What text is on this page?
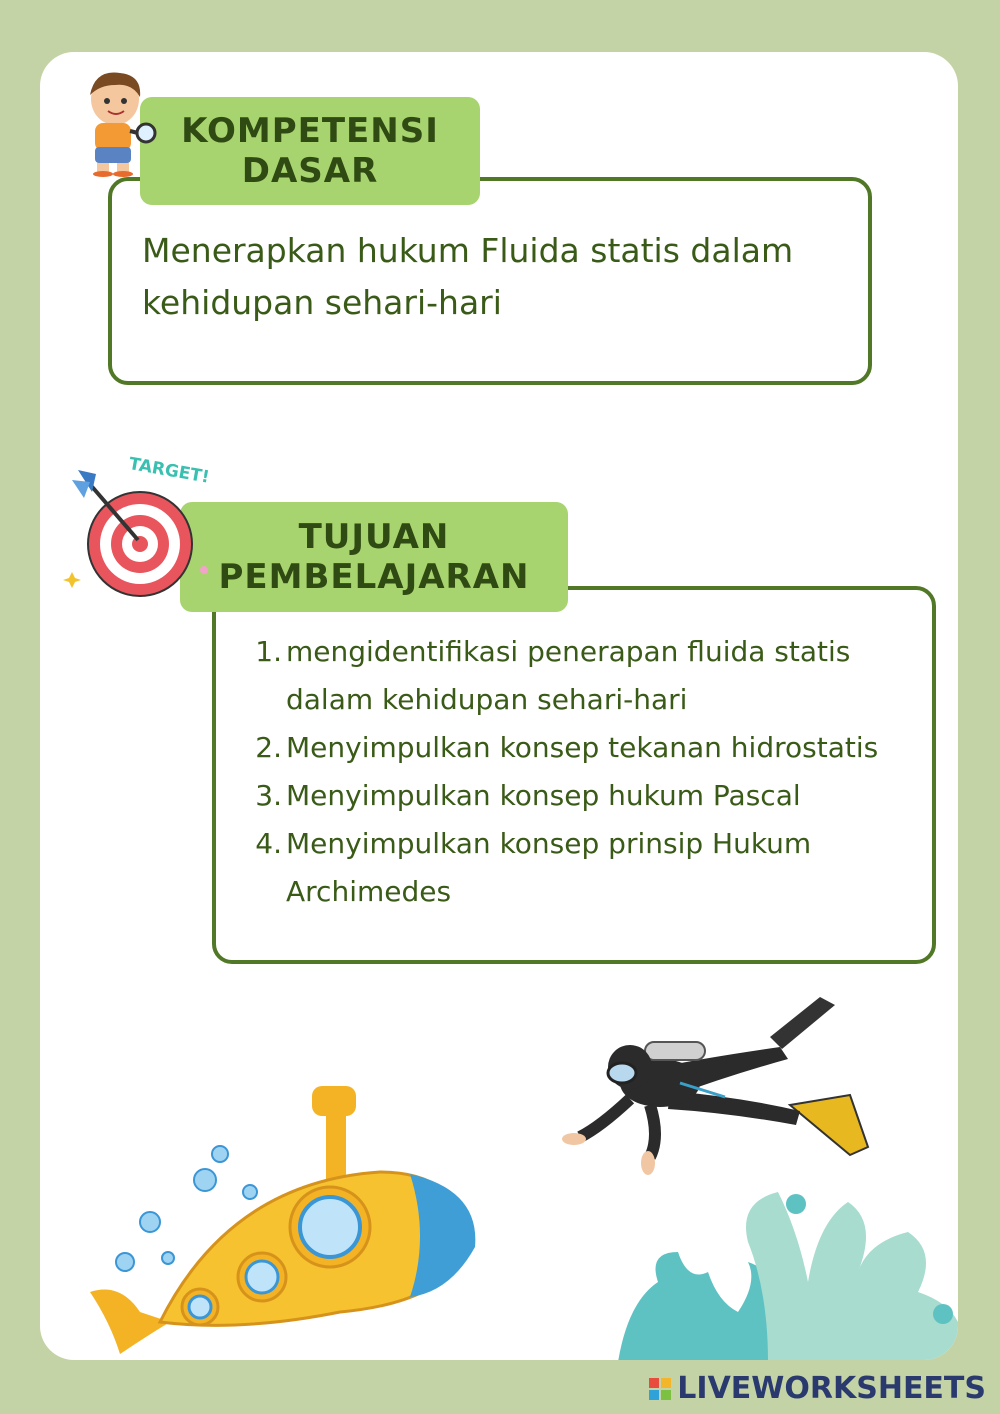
Menerapkan hukum Fluida statis dalam kehidupan sehari-hari
KOMPETENSI
DASAR
1. mengidentifikasi penerapan fluida statis dalam kehidupan sehari-hari
2. Menyimpulkan konsep tekanan hidrostatis
3. Menyimpulkan konsep hukum Pascal
4. Menyimpulkan konsep prinsip Hukum Archimedes
TUJUAN
PEMBELAJARAN
TARGET!
LIVEWORKSHEETS
